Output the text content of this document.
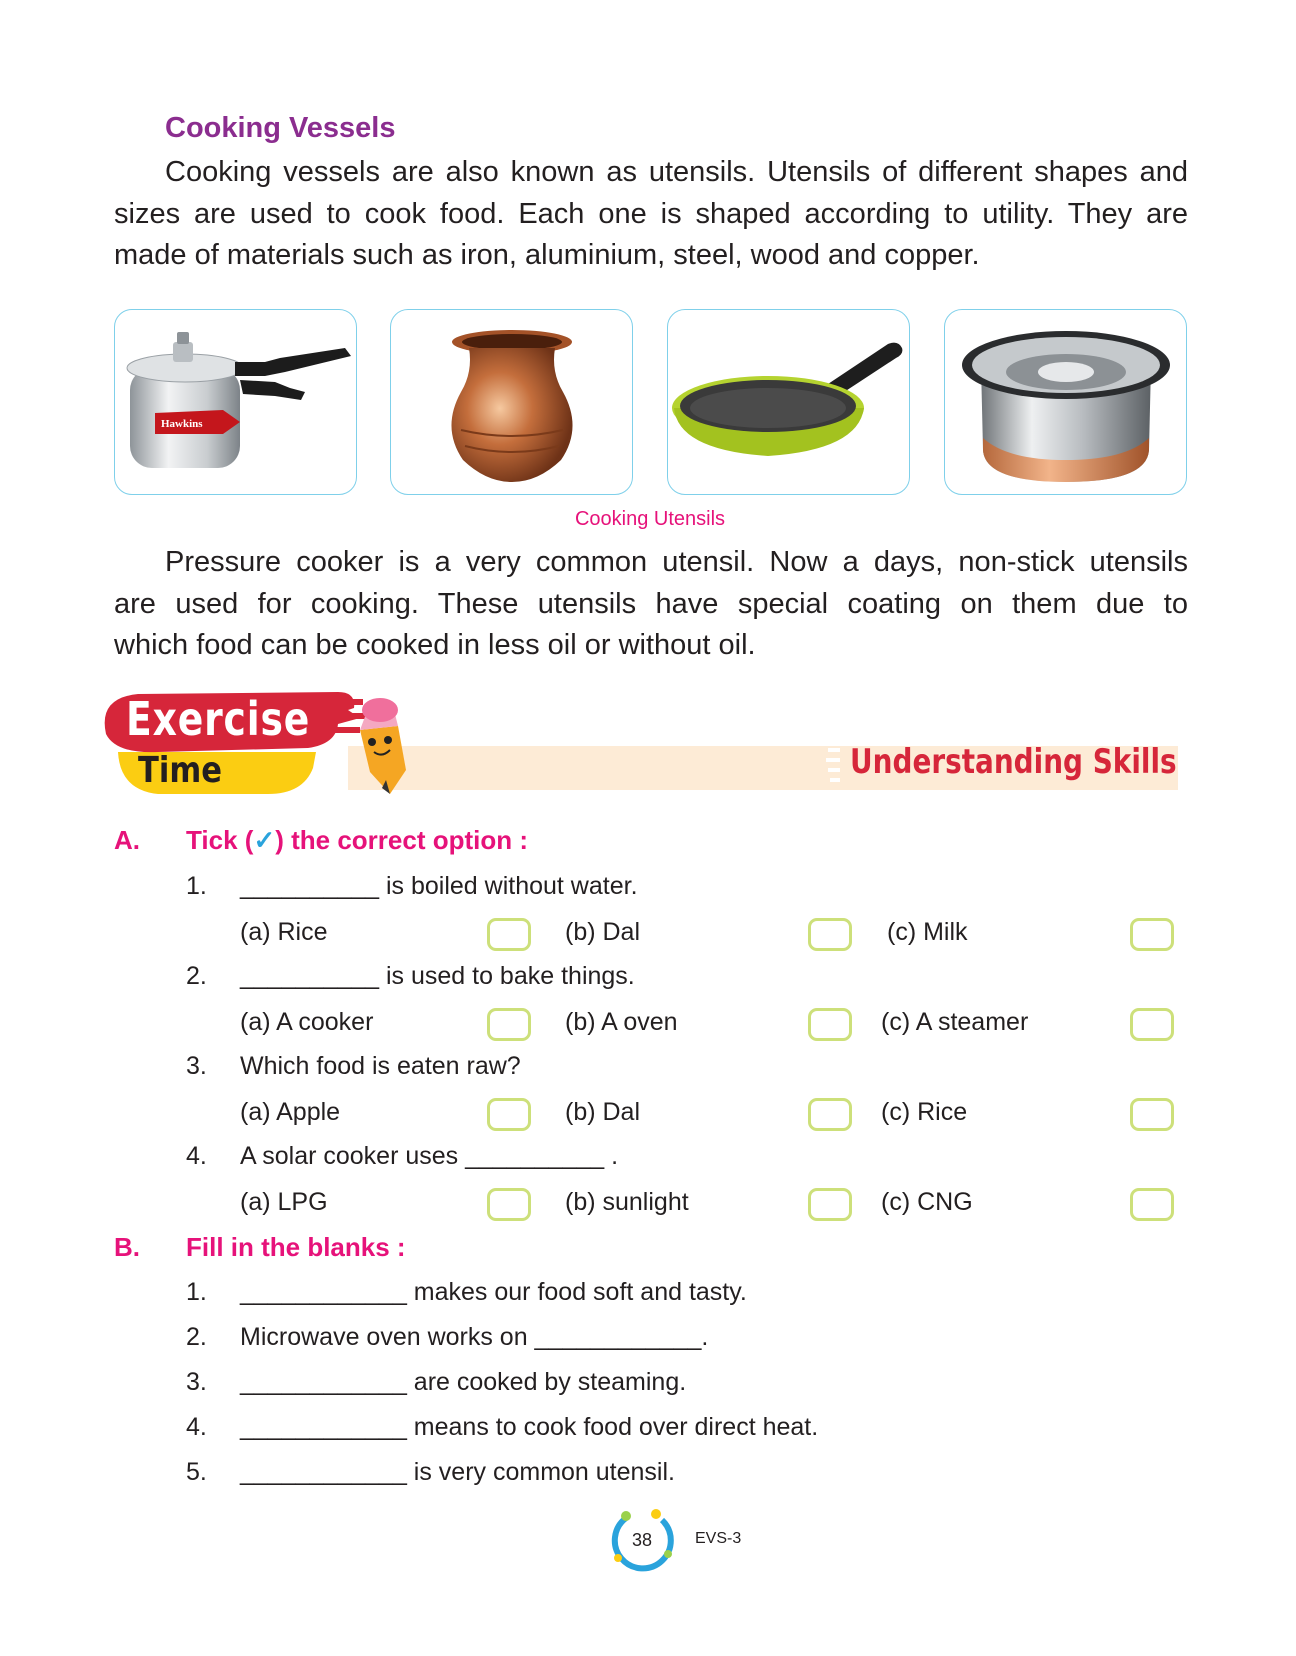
Cooking Vessels
Cooking vessels are also known as utensils. Utensils of different shapes and
sizes are used to cook food. Each one is shaped according to utility. They are
made of materials such as iron, aluminium, steel, wood and copper.
Hawkins
Cooking Utensils
Pressure cooker is a very common utensil. Now a days, non-stick utensils
are used for cooking. These utensils have special coating on them due to
which food can be cooked in less oil or without oil.
Exercise
Time	Understanding Skills
A. Tick (✓) the correct option :
1. __________ is boiled without water.
(a) Rice	(b) Dal	(c) Milk
2. __________ is used to bake things.
(a) A cooker	(b) A oven	(c) A steamer
3. Which food is eaten raw?
(a) Apple	(b) Dal	(c) Rice
4. A solar cooker uses __________ .
(a) LPG	(b) sunlight	(c) CNG
B. Fill in the blanks :
1. ____________ makes our food soft and tasty.
2. Microwave oven works on ____________.
3. ____________ are cooked by steaming.
4. ____________ means to cook food over direct heat.
5. ____________ is very common utensil.
38	EVS-3
